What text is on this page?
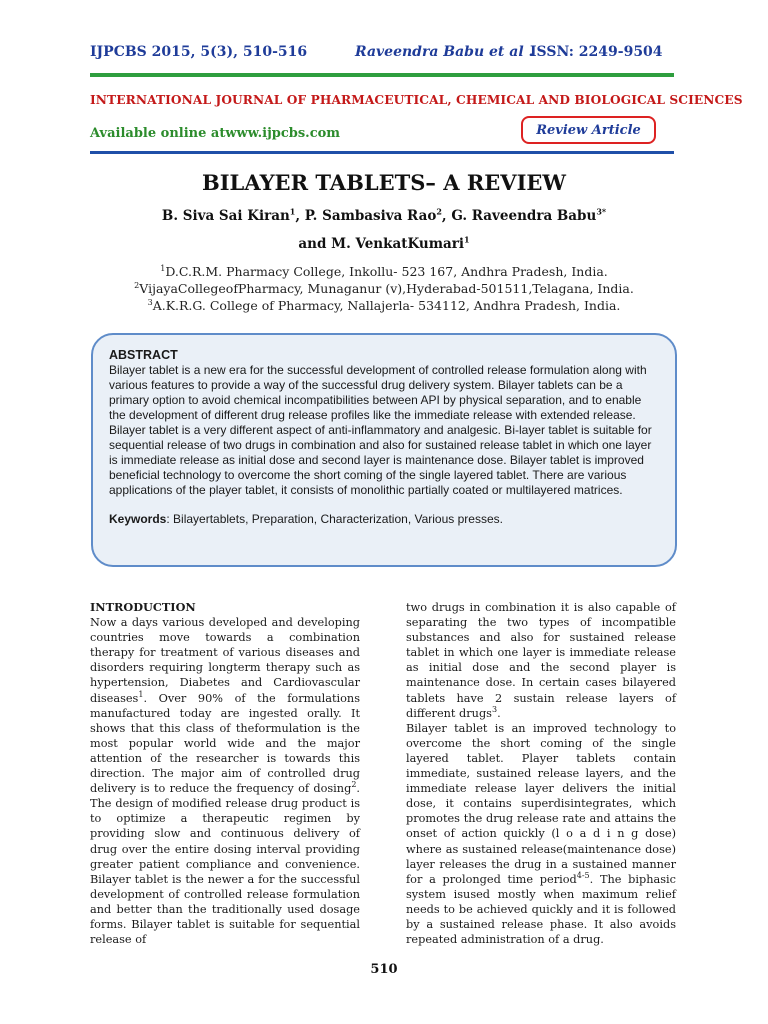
IJPCBS 2015, 5(3), 510-516	Raveendra Babu et al .
ISSN: 2249-9504
INTERNATIONAL JOURNAL OF PHARMACEUTICAL, CHEMICAL AND BIOLOGICAL SCIENCES
Available online atwww.ijpcbs.com	Review Article
BILAYER TABLETS– A REVIEW
B. Siva Sai Kiran$^1$, P. Sambasiva Rao$^2$, G. Raveendra Babu$^{3*}$
and M. VenkatKumari$^1$
$^1$D.C.R.M. Pharmacy College, Inkollu- 523 167, Andhra Pradesh, India.
$^2$VijayaCollegeofPharmacy, Munaganur (v),Hyderabad-501511,Telagana, India.
$^3$A.K.R.G. College of Pharmacy, Nallajerla- 534112, Andhra Pradesh, India.
ABSTRACT
Bilayer tablet is a new era for the successful development of controlled release formulation along with various features to provide a way of the successful drug delivery system. Bilayer tablets can be a primary option to avoid chemical incompatibilities between API by physical separation, and to enable the development of different drug release profiles like the immediate release with extended release. Bilayer tablet is a very different aspect of anti-inflammatory and analgesic. Bi-layer tablet is suitable for sequential release of two drugs in combination and also for sustained release tablet in which one layer is immediate release as initial dose and second layer is maintenance dose. Bilayer tablet is improved beneficial technology to overcome the short coming of the single layered tablet. There are various applications of the player tablet, it consists of monolithic partially coated or multilayered matrices.
Keywords: Bilayertablets, Preparation, Characterization, Various presses.
INTRODUCTION
Now a days various developed and developing countries move towards a combination therapy for treatment of various diseases and disorders requiring longterm therapy such as hypertension, Diabetes and Cardiovascular diseases$^1$. Over 90% of the formulations manufactured today are ingested orally. It shows that this class of theformulation is the most popular world wide and the major attention of the researcher is towards this direction. The major aim of controlled drug delivery is to reduce the frequency of dosing$^2$. The design of modified release drug product is to optimize a therapeutic regimen by providing slow and continuous delivery of drug over the entire dosing interval providing greater patient compliance and convenience. Bilayer tablet is the newer a for the successful development of controlled release formulation and better than the traditionally used dosage forms. Bilayer tablet is suitable for sequential release of
two drugs in combination it is also capable of separating the two types of incompatible substances and also for sustained release tablet in which one layer is immediate release as initial dose and the second player is maintenance dose. In certain cases bilayered tablets have 2 sustain release layers of different drugs$^3$.
Bilayer tablet is an improved technology to overcome the short coming of the single layered tablet. Player tablets contain immediate, sustained release layers, and the immediate release layer delivers the initial dose, it contains superdisintegrates, which promotes the drug release rate and attains the onset of action quickly (l o a d i n g dose) where as sustained release(maintenance dose) layer releases the drug in a sustained manner for a prolonged time period$^{4-5}$. The biphasic system isused mostly when maximum relief needs to be achieved quickly and it is followed by a sustained release phase. It also avoids repeated administration of a drug.
510
